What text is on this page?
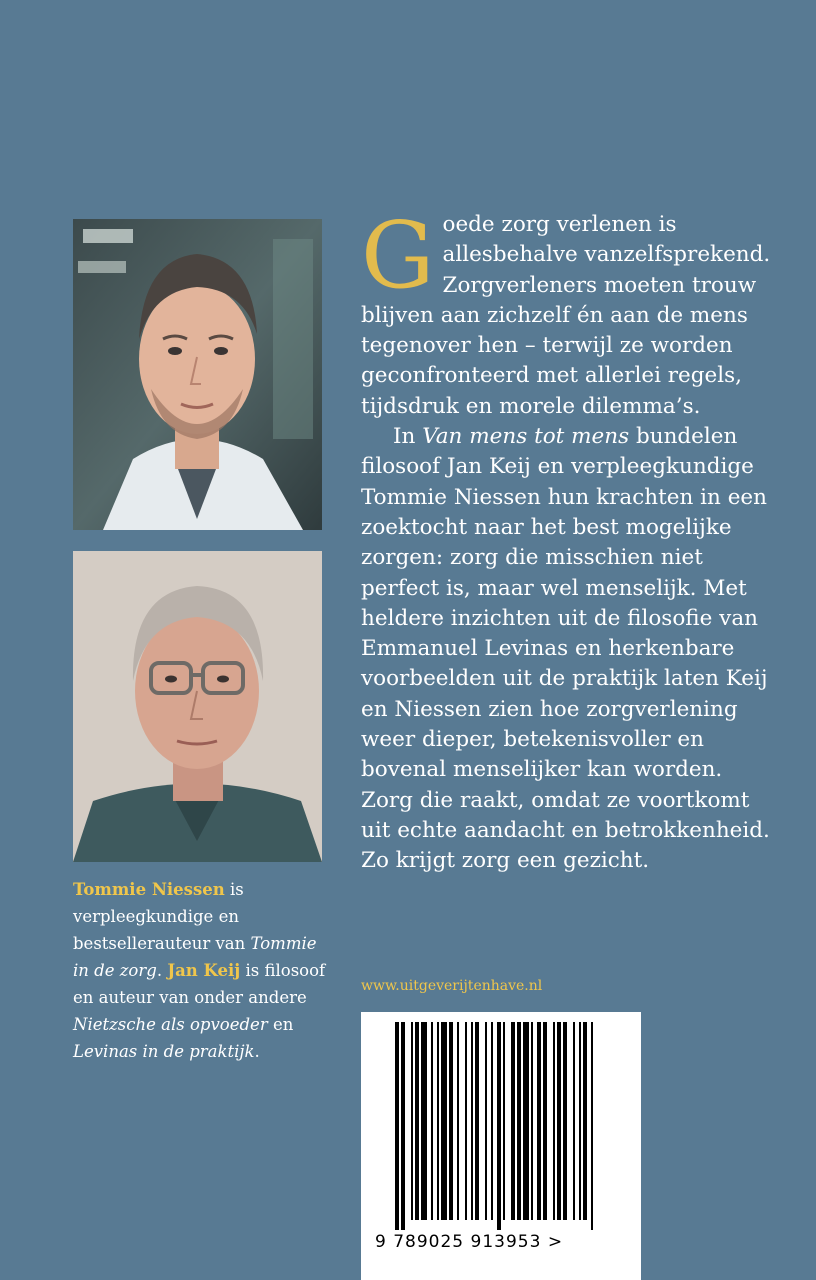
Goede zorg verlenen is allesbehalve vanzelfsprekend. Zorgverleners moeten trouw blijven aan zichzelf én aan de mens tegenover hen – terwijl ze worden geconfronteerd met allerlei regels, tijdsdruk en morele dilemma’s.

In Van mens tot mens bundelen filosoof Jan Keij en verpleegkundige Tommie Niessen hun krachten in een zoektocht naar het best mogelijke zorgen: zorg die misschien niet perfect is, maar wel menselijk. Met heldere inzichten uit de filosofie van Emmanuel Levinas en herkenbare voorbeelden uit de praktijk laten Keij en Niessen zien hoe zorgverlening weer dieper, betekenisvoller en bovenal menselijker kan worden. Zorg die raakt, omdat ze voortkomt uit echte aandacht en betrokkenheid. Zo krijgt zorg een gezicht.

Tommie Niessen is verpleegkundige en bestsellerauteur van Tommie in de zorg. Jan Keij is filosoof en auteur van onder andere Nietzsche als opvoeder en Levinas in de praktijk.

www.uitgeverijtenhave.nl
9 789025 913953 >
